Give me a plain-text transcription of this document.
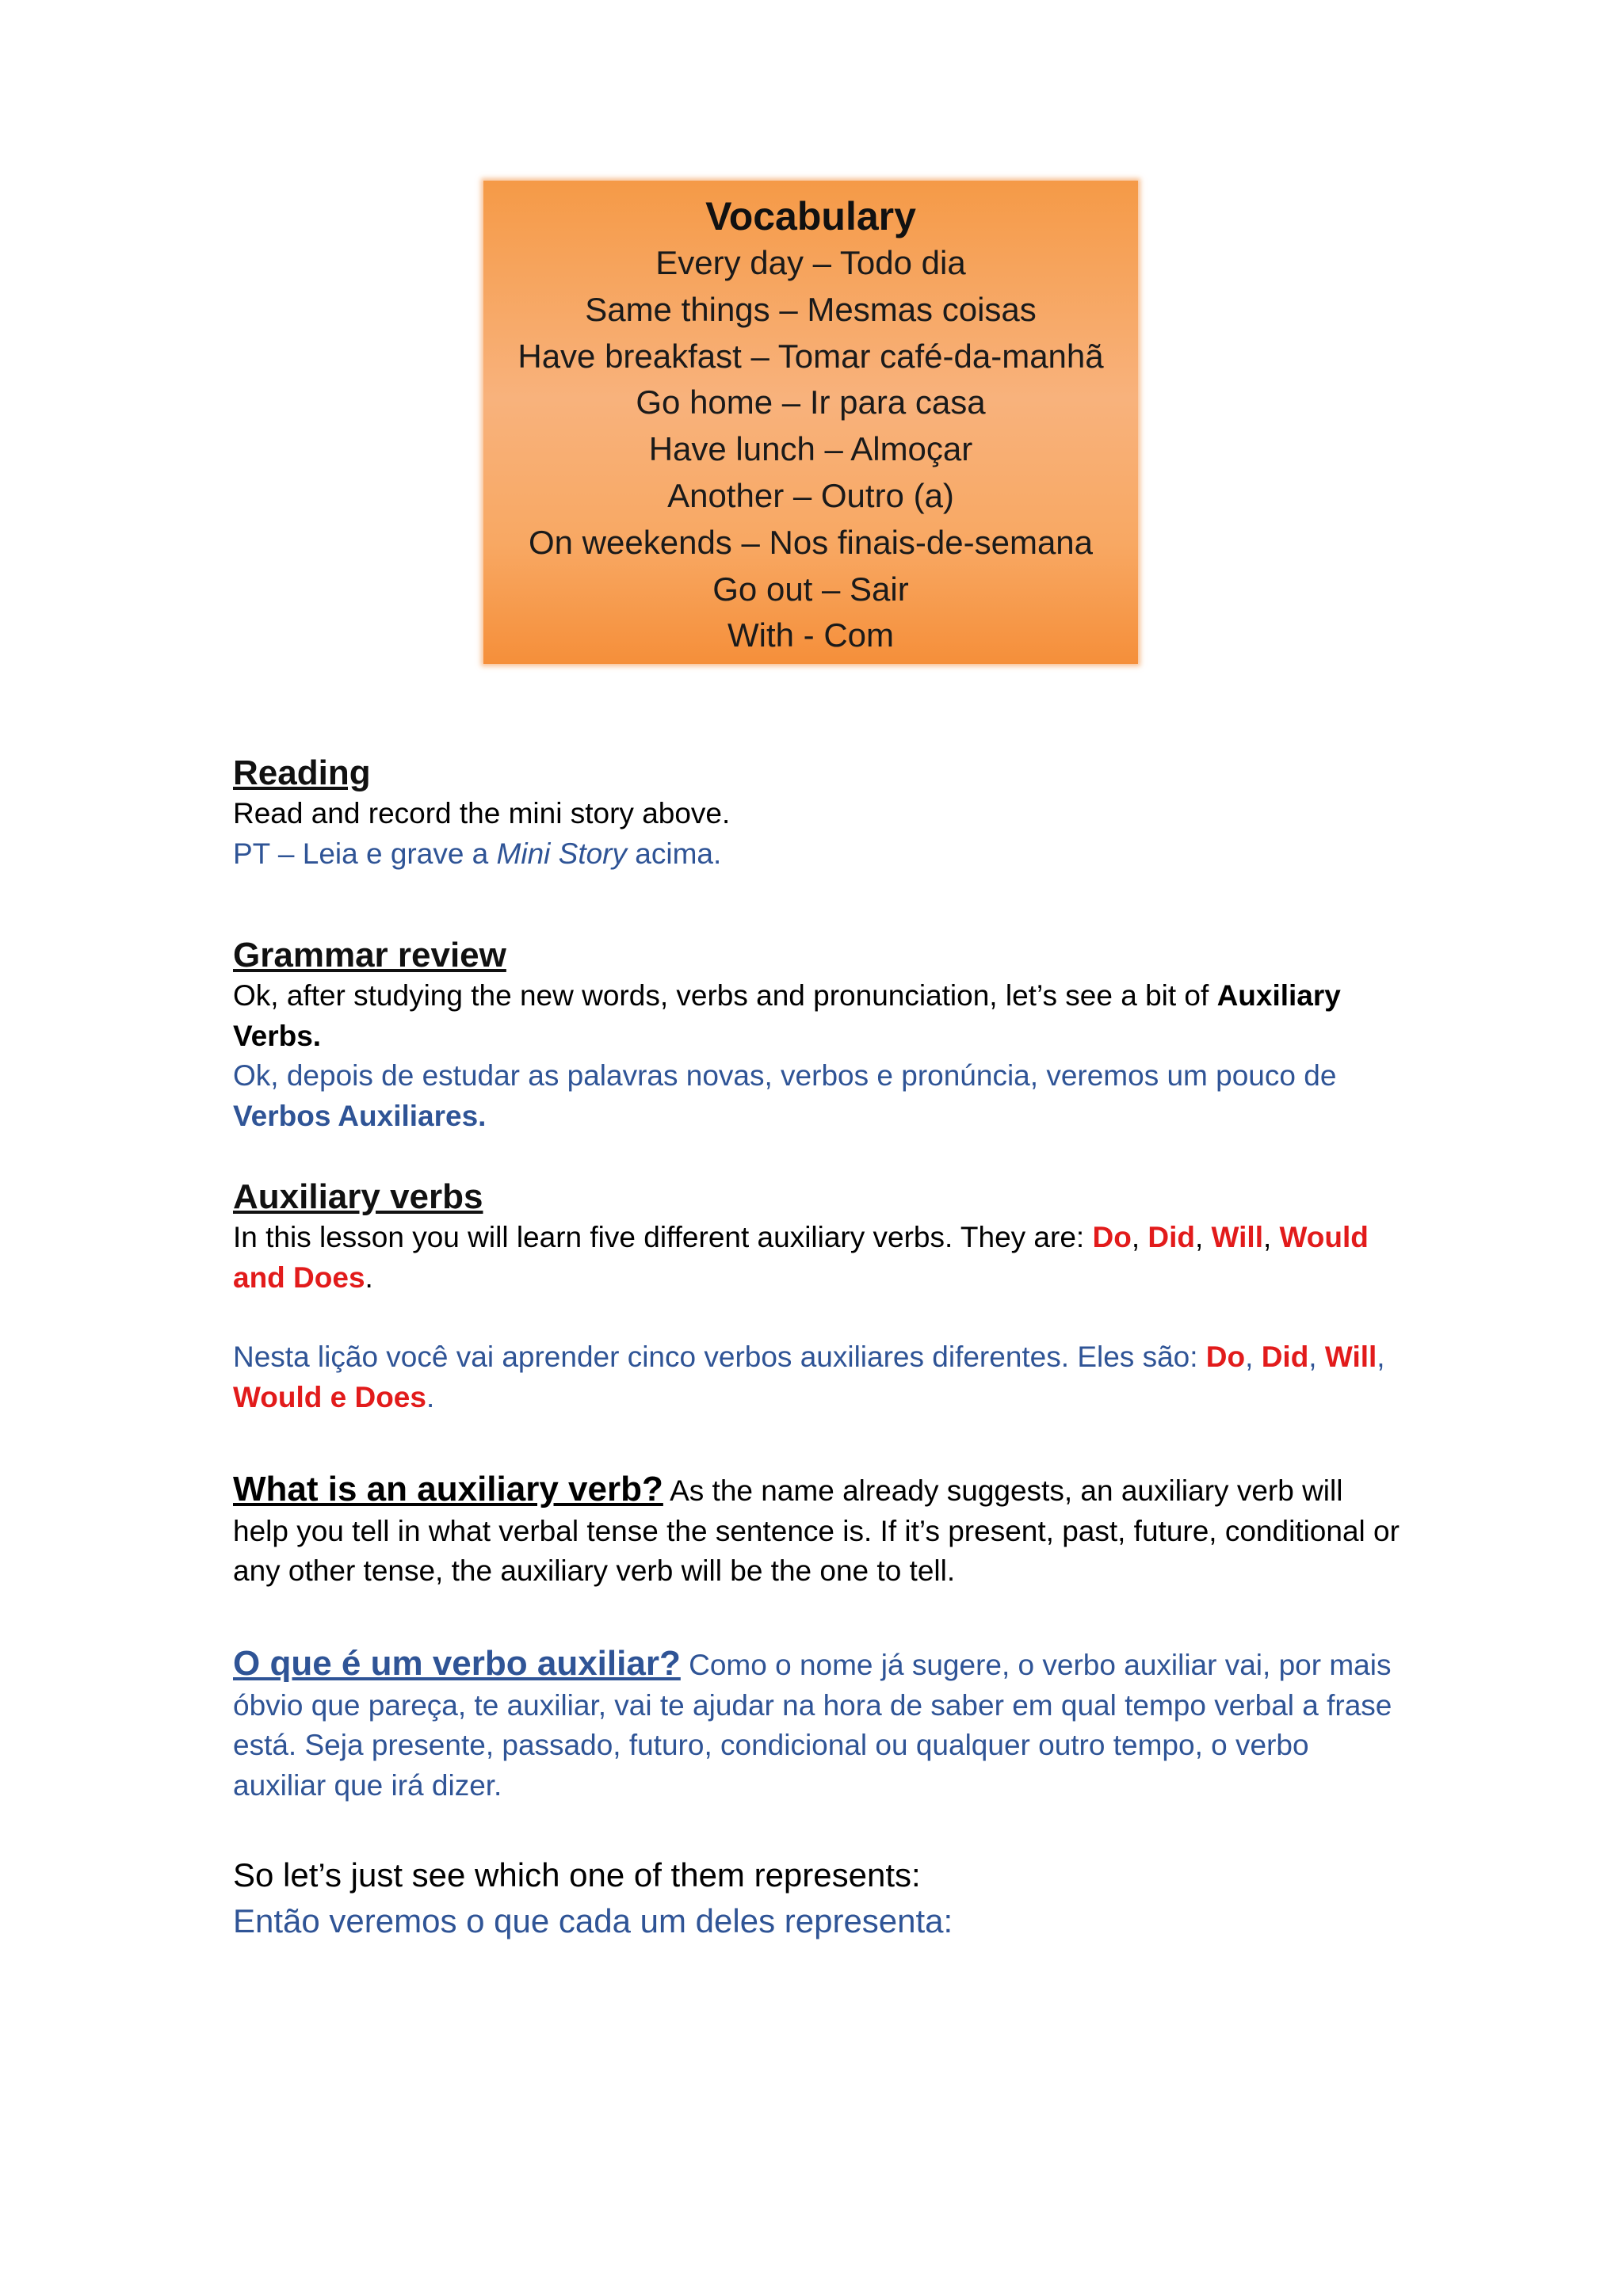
Vocabulary
Every day – Todo dia
Same things – Mesmas coisas
Have breakfast – Tomar café-da-manhã
Go home – Ir para casa
Have lunch – Almoçar
Another – Outro (a)
On weekends – Nos finais-de-semana
Go out – Sair
With - Com
Reading
Read and record the mini story above.
PT – Leia e grave a Mini Story acima.
Grammar review
Ok, after studying the new words, verbs and pronunciation, let’s see a bit of Auxiliary Verbs.
Ok, depois de estudar as palavras novas, verbos e pronúncia, veremos um pouco de Verbos Auxiliares.
Auxiliary verbs
In this lesson you will learn five different auxiliary verbs. They are: Do, Did, Will, Would and Does.
Nesta lição você vai aprender cinco verbos auxiliares diferentes. Eles são: Do, Did, Will, Would e Does.
What is an auxiliary verb? As the name already suggests, an auxiliary verb will help you tell in what verbal tense the sentence is. If it’s present, past, future, conditional or any other tense, the auxiliary verb will be the one to tell.
O que é um verbo auxiliar? Como o nome já sugere, o verbo auxiliar vai, por mais óbvio que pareça, te auxiliar, vai te ajudar na hora de saber em qual tempo verbal a frase está. Seja presente, passado, futuro, condicional ou qualquer outro tempo, o verbo auxiliar que irá dizer.
So let’s just see which one of them represents:
Então veremos o que cada um deles representa:
